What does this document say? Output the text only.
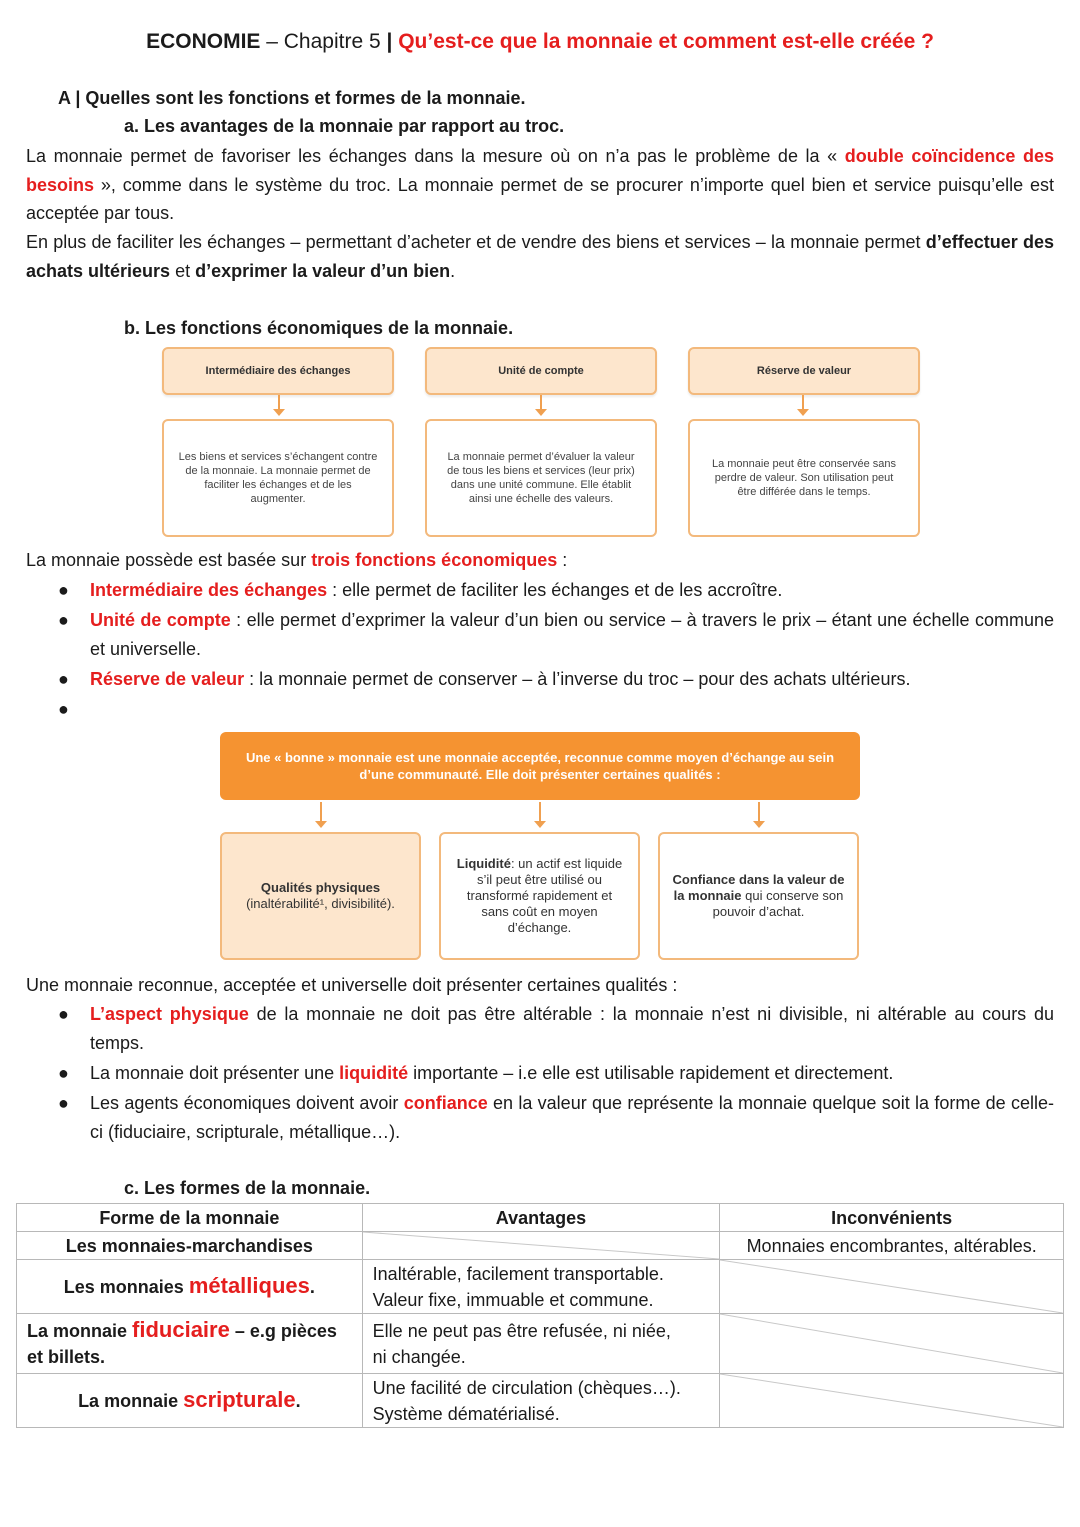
ECONOMIE – Chapitre 5 | Qu’est-ce que la monnaie et comment est-elle créée ?
A | Quelles sont les fonctions et formes de la monnaie.
a. Les avantages de la monnaie par rapport au troc.
La monnaie permet de favoriser les échanges dans la mesure où on n’a pas le problème de la « double coïncidence des besoins », comme dans le système du troc. La monnaie permet de se procurer n’importe quel bien et service puisqu’elle est acceptée par tous.
En plus de faciliter les échanges – permettant d’acheter et de vendre des biens et services – la monnaie permet d’effectuer des achats ultérieurs et d’exprimer la valeur d’un bien.
b. Les fonctions économiques de la monnaie.
Intermédiaire des échanges	Unité de compte	Réserve de valeur
Les biens et services s’échangent contre de la monnaie. La monnaie permet de faciliter les échanges et de les augmenter.
La monnaie permet d’évaluer la valeur de tous les biens et services (leur prix) dans une unité commune. Elle établit ainsi une échelle des valeurs.
La monnaie peut être conservée sans perdre de valeur. Son utilisation peut être différée dans le temps.
La monnaie possède est basée sur trois fonctions économiques :
●	Intermédiaire des échanges : elle permet de faciliter les échanges et de les accroître.
●	Unité de compte : elle permet d’exprimer la valeur d’un bien ou service – à travers le prix – étant une échelle commune et universelle.
●	Réserve de valeur : la monnaie permet de conserver – à l’inverse du troc – pour des achats ultérieurs.
●
Une « bonne » monnaie est une monnaie acceptée, reconnue comme moyen d’échange au sein d’une communauté. Elle doit présenter certaines qualités :
Qualités physiques
(inaltérabilité¹, divisibilité).
Liquidité: un actif est liquide s’il peut être utilisé ou transformé rapidement et sans coût en moyen d’échange.
Confiance dans la valeur de la monnaie qui conserve son pouvoir d’achat.
Une monnaie reconnue, acceptée et universelle doit présenter certaines qualités :
●	L’aspect physique de la monnaie ne doit pas être altérable : la monnaie n’est ni divisible, ni altérable au cours du temps.
●	La monnaie doit présenter une liquidité importante – i.e elle est utilisable rapidement et directement.
●	Les agents économiques doivent avoir confiance en la valeur que représente la monnaie quelque soit la forme de celle-ci (fiduciaire, scripturale, métallique…).
c. Les formes de la monnaie.
Forme de la monnaie	Avantages	Inconvénients
Les monnaies-marchandises		Monnaies encombrantes, altérables.
Les monnaies métalliques.	Inaltérable, facilement transportable.
Valeur fixe, immuable et commune.	

La monnaie fiduciaire – e.g pièces et billets.	Elle ne peut pas être refusée, ni niée,
ni changée.	

La monnaie scripturale.	Une facilité de circulation (chèques…).
Système dématérialisé.	
